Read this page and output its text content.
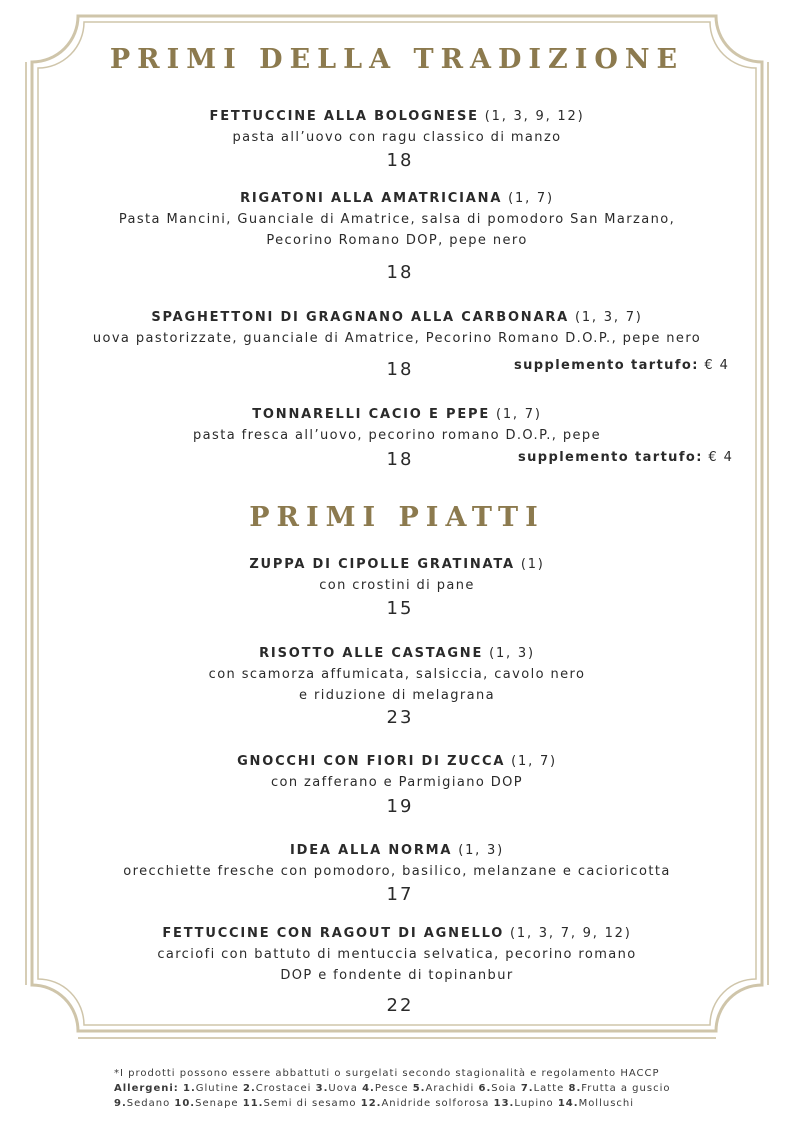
PRIMI DELLA TRADIZIONE
FETTUCCINE ALLA BOLOGNESE (1, 3, 9, 12)
pasta all’uovo con ragu classico di manzo
18
RIGATONI ALLA AMATRICIANA (1, 7)
Pasta Mancini, Guanciale di Amatrice, salsa di pomodoro San Marzano,
Pecorino Romano DOP, pepe nero
18
SPAGHETTONI DI GRAGNANO ALLA CARBONARA (1, 3, 7)
uova pastorizzate, guanciale di Amatrice, Pecorino Romano D.O.P., pepe nero
18	supplemento tartufo: € 4
TONNARELLI CACIO E PEPE (1, 7)
pasta fresca all’uovo, pecorino romano D.O.P., pepe
18	supplemento tartufo: € 4
PRIMI PIATTI
ZUPPA DI CIPOLLE GRATINATA (1)
con crostini di pane
15
RISOTTO ALLE CASTAGNE (1, 3)
con scamorza affumicata, salsiccia, cavolo nero
e riduzione di melagrana
23
GNOCCHI CON FIORI DI ZUCCA (1, 7)
con zafferano e Parmigiano DOP
19
IDEA ALLA NORMA (1, 3)
orecchiette fresche con pomodoro, basilico, melanzane e cacioricotta
17
FETTUCCINE CON RAGOUT DI AGNELLO (1, 3, 7, 9, 12)
carciofi con battuto di mentuccia selvatica, pecorino romano
DOP e fondente di topinanbur
22
*I prodotti possono essere abbattuti o surgelati secondo stagionalità e regolamento HACCP
Allergeni: 1.Glutine 2.Crostacei 3.Uova 4.Pesce 5.Arachidi 6.Soia 7.Latte 8.Frutta a guscio
9.Sedano 10.Senape 11.Semi di sesamo 12.Anidride solforosa 13.Lupino 14.Molluschi
